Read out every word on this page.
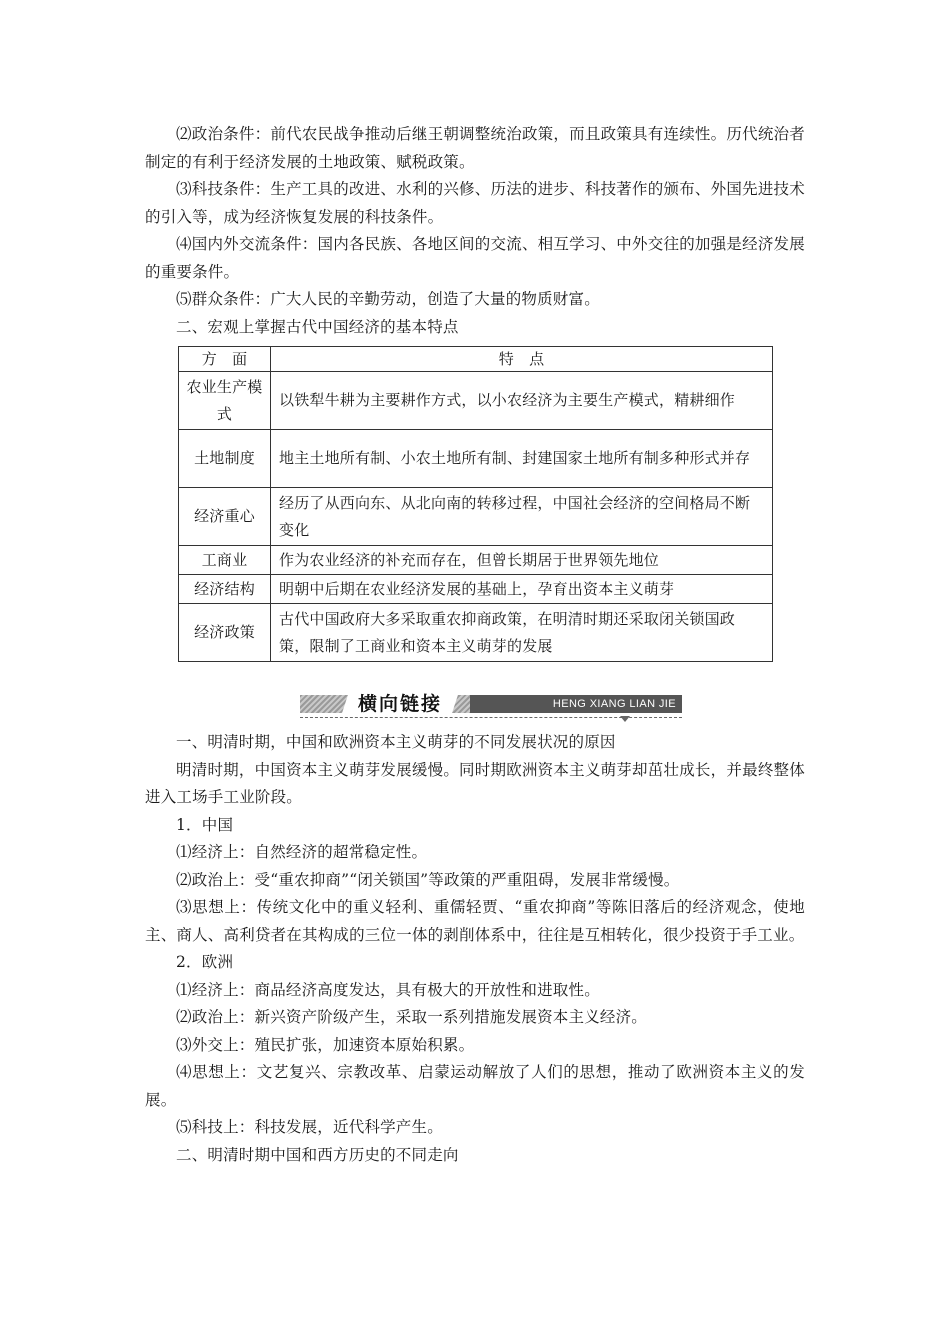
⑵政治条件：前代农民战争推动后继王朝调整统治政策，而且政策具有连续性。历代统治者制定的有利于经济发展的土地政策、赋税政策。

⑶科技条件：生产工具的改进、水利的兴修、历法的进步、科技著作的颁布、外国先进技术的引入等，成为经济恢复发展的科技条件。

⑷国内外交流条件：国内各民族、各地区间的交流、相互学习、中外交往的加强是经济发展的重要条件。

⑸群众条件：广大人民的辛勤劳动，创造了大量的物质财富。

二、宏观上掌握古代中国经济的基本特点

方　面	特　点
农业生产模式	以铁犁牛耕为主要耕作方式，以小农经济为主要生产模式，精耕细作
土地制度	地主土地所有制、小农土地所有制、封建国家土地所有制多种形式并存
经济重心	经历了从西向东、从北向南的转移过程，中国社会经济的空间格局不断变化
工商业	作为农业经济的补充而存在，但曾长期居于世界领先地位
经济结构	明朝中后期在农业经济发展的基础上，孕育出资本主义萌芽
经济政策	古代中国政府大多采取重农抑商政策，在明清时期还采取闭关锁国政策，限制了工商业和资本主义萌芽的发展
HENG XIANG LIAN JIE
横向链接

一、明清时期，中国和欧洲资本主义萌芽的不同发展状况的原因

明清时期，中国资本主义萌芽发展缓慢。同时期欧洲资本主义萌芽却茁壮成长，并最终整体进入工场手工业阶段。

1．中国

⑴经济上：自然经济的超常稳定性。

⑵政治上：受“重农抑商”“闭关锁国”等政策的严重阻碍，发展非常缓慢。

⑶思想上：传统文化中的重义轻利、重儒轻贾、“重农抑商”等陈旧落后的经济观念，使地主、商人、高利贷者在其构成的三位一体的剥削体系中，往往是互相转化，很少投资于手工业。

2．欧洲

⑴经济上：商品经济高度发达，具有极大的开放性和进取性。

⑵政治上：新兴资产阶级产生，采取一系列措施发展资本主义经济。

⑶外交上：殖民扩张，加速资本原始积累。

⑷思想上：文艺复兴、宗教改革、启蒙运动解放了人们的思想，推动了欧洲资本主义的发展。

⑸科技上：科技发展，近代科学产生。

二、明清时期中国和西方历史的不同走向
